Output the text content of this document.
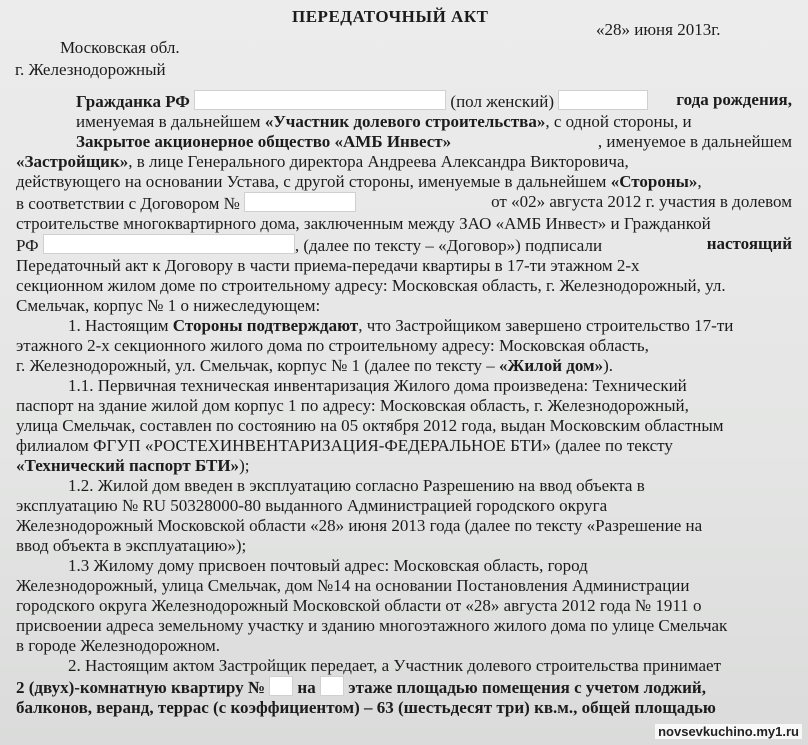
ПЕРЕДАТОЧНЫЙ АКТ
«28» июня 2013г.
Московская обл.
г. Железнодорожный
Гражданка РФ	(пол женский)	года рождения,
именуемая в дальнейшем «Участник долевого строительства», с одной стороны, и
Закрытое акционерное общество «АМБ Инвест»	, именуемое в дальнейшем
«Застройщик», в лице Генерального директора Андреева Александра Викторовича,
действующего на основании Устава, с другой стороны, именуемые в дальнейшем «Стороны»,
в соответствии с Договором №	от «02» августа 2012 г. участия в долевом
строительстве многоквартирного дома, заключенным между ЗАО «АМБ Инвест» и Гражданкой
РФ	, (далее по тексту – «Договор») подписали	настоящий
Передаточный акт к Договору в части приема-передачи квартиры в 17-ти этажном 2-х
секционном жилом доме по строительному адресу: Московская область, г. Железнодорожный, ул.
Смельчак, корпус № 1 о нижеследующем:
1. Настоящим Стороны подтверждают, что Застройщиком завершено строительство 17-ти
этажного 2-х секционного жилого дома по строительному адресу: Московская область,
г. Железнодорожный, ул. Смельчак, корпус № 1 (далее по тексту – «Жилой дом»).
1.1. Первичная техническая инвентаризация Жилого дома произведена: Технический
паспорт на здание жилой дом корпус 1 по адресу: Московская область, г. Железнодорожный,
улица Смельчак, составлен по состоянию на 05 октября 2012 года, выдан Московским областным
филиалом ФГУП «РОСТЕХИНВЕНТАРИЗАЦИЯ-ФЕДЕРАЛЬНОЕ БТИ» (далее по тексту
«Технический паспорт БТИ»);
1.2. Жилой дом введен в эксплуатацию согласно Разрешению на ввод объекта в
эксплуатацию № RU 50328000-80 выданного Администрацией городского округа
Железнодорожный Московской области «28» июня 2013 года (далее по тексту «Разрешение на
ввод объекта в эксплуатацию»);
1.3 Жилому дому присвоен почтовый адрес: Московская область, город
Железнодорожный, улица Смельчак, дом №14 на основании Постановления Администрации
городского округа Железнодорожный Московской области от «28» августа 2012 года № 1911 о
присвоении адреса земельному участку и зданию многоэтажного жилого дома по улице Смельчак
в городе Железнодорожном.
2. Настоящим актом Застройщик передает, а Участник долевого строительства принимает
2 (двух)-комнатную квартиру № на этаже площадью помещения с учетом лоджий,
балконов, веранд, террас (с коэффициентом) – 63 (шестьдесят три) кв.м., общей площадью
novsevkuchino.my1.ru
